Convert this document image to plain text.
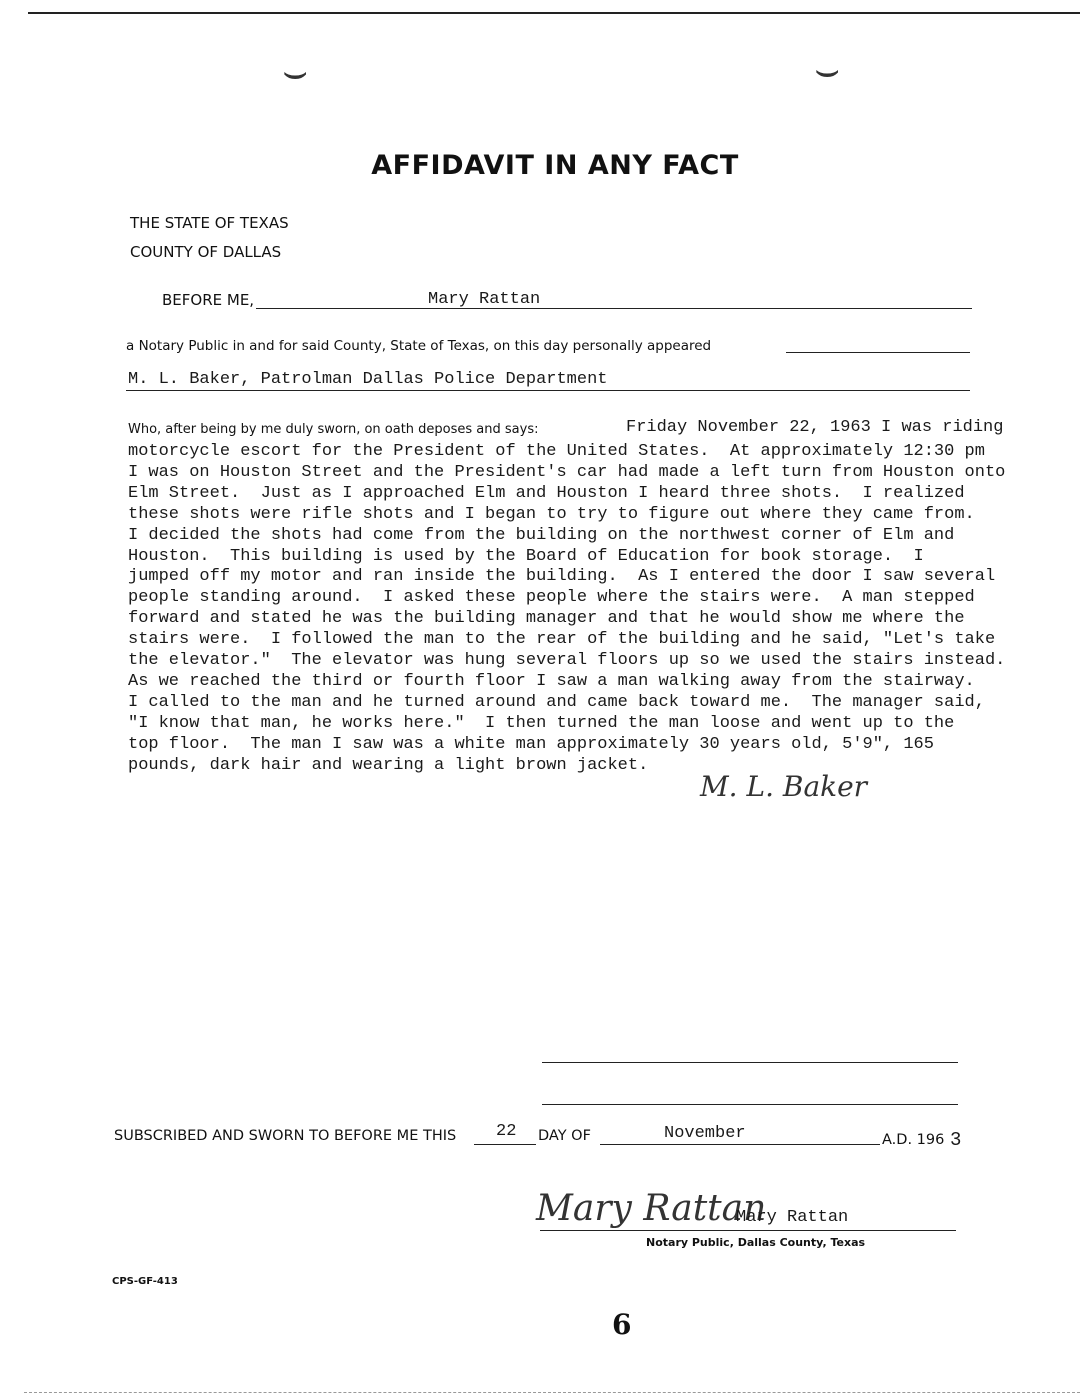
⌣	⌣
AFFIDAVIT IN ANY FACT
THE STATE OF TEXAS
COUNTY OF DALLAS
BEFORE ME,	Mary Rattan
a Notary Public in and for said County, State of Texas, on this day personally appeared
M. L. Baker, Patrolman Dallas Police Department
Who, after being by me duly sworn, on oath deposes and says:	Friday November 22, 1963 I was riding

motorcycle escort for the President of the United States.  At approximately 12:30 pm

I was on Houston Street and the President's car had made a left turn from Houston onto

Elm Street.  Just as I approached Elm and Houston I heard three shots.  I realized

these shots were rifle shots and I began to try to figure out where they came from.

I decided the shots had come from the building on the northwest corner of Elm and

Houston.  This building is used by the Board of Education for book storage.  I

jumped off my motor and ran inside the building.  As I entered the door I saw several

people standing around.  I asked these people where the stairs were.  A man stepped

forward and stated he was the building manager and that he would show me where the

stairs were.  I followed the man to the rear of the building and he said, "Let's take

the elevator."  The elevator was hung several floors up so we used the stairs instead.

As we reached the third or fourth floor I saw a man walking away from the stairway.

I called to the man and he turned around and came back toward me.  The manager said,

"I know that man, he works here."  I then turned the man loose and went up to the

top floor.  The man I saw was a white man approximately 30 years old, 5'9", 165

pounds, dark hair and wearing a light brown jacket.

M. L. Baker
SUBSCRIBED AND SWORN TO BEFORE ME THIS 22 DAY OF	November	A.D. 196 3
Mary Rattan
Mary Rattan
Notary Public, Dallas County, Texas
CPS-GF-413
6
